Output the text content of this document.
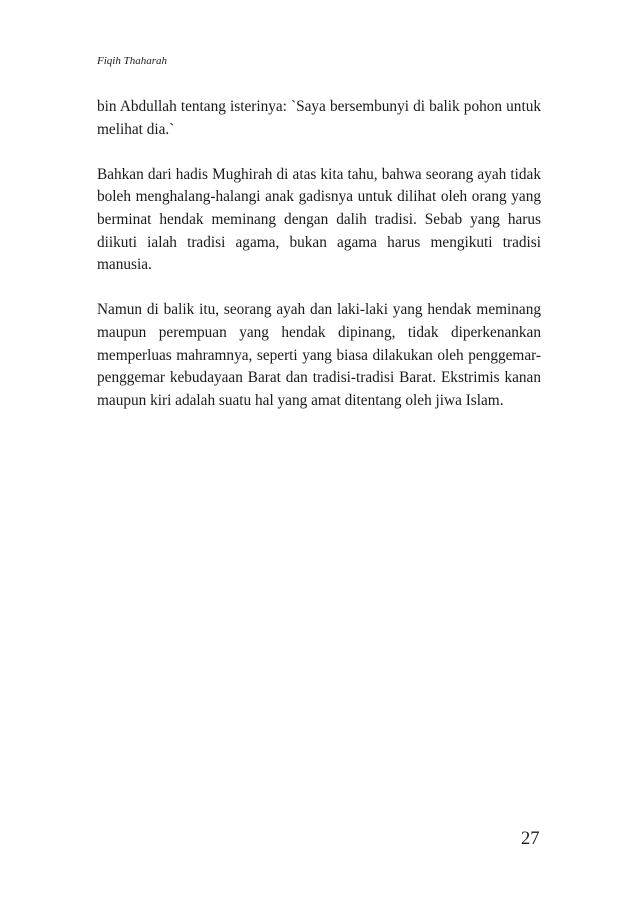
Fiqih Thaharah

bin Abdullah tentang isterinya: `Saya bersembunyi di balik pohon untuk melihat dia.`

Bahkan dari hadis Mughirah di atas kita tahu, bahwa seorang ayah tidak boleh menghalang-halangi anak gadisnya untuk dilihat oleh orang yang berminat hendak meminang dengan dalih tradisi. Sebab yang harus diikuti ialah tradisi agama, bukan agama harus mengikuti tradisi manusia.

Namun di balik itu, seorang ayah dan laki-laki yang hendak meminang maupun perempuan yang hendak dipinang, tidak diperkenankan memperluas mahramnya, seperti yang biasa dilakukan oleh penggemar-penggemar kebudayaan Barat dan tradisi-tradisi Barat. Ekstrimis kanan maupun kiri adalah suatu hal yang amat ditentang oleh jiwa Islam.

27
